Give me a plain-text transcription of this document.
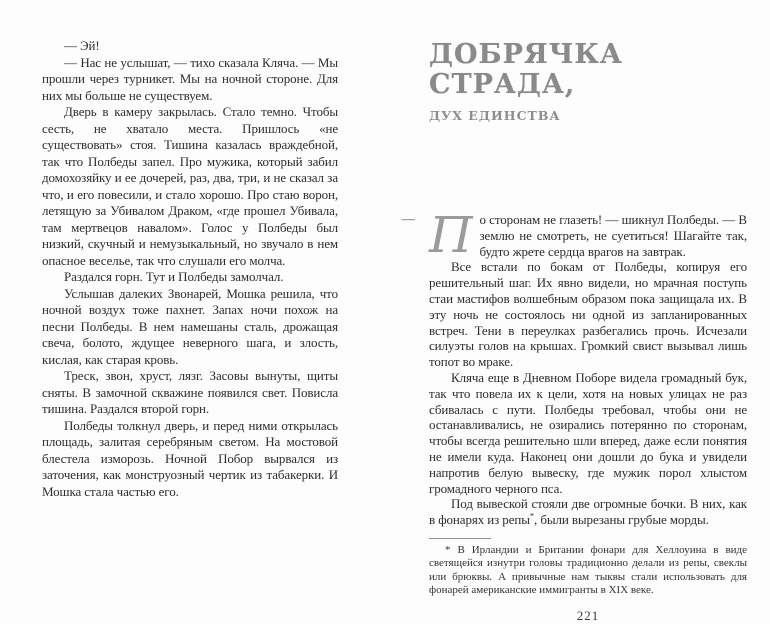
— Эй!

— Нас не услышат, — тихо сказала Кляча. — Мы прошли через турникет. Мы на ночной стороне. Для них мы больше не существуем.

Дверь в камеру закрылась. Стало темно. Чтобы сесть, не хватало места. Пришлось «не существовать» стоя. Тишина казалась враждебной, так что Полбеды запел. Про мужика, который забил домохозяйку и ее дочерей, раз, два, три, и не сказал за что, и его повесили, и стало хорошо. Про стаю ворон, летящую за Убивалом Драком, «где прошел Убивала, там мертвецов навалом». Голос у Полбеды был низкий, скучный и немузыкальный, но звучало в нем опасное веселье, так что слушали его молча.

Раздался горн. Тут и Полбеды замолчал.

Услышав далеких Звонарей, Мошка решила, что ночной воздух тоже пахнет. Запах ночи похож на песни Полбеды. В нем намешаны сталь, дрожащая свеча, болото, ждущее неверного шага, и злость, кислая, как старая кровь.

Треск, звон, хруст, лязг. Засовы вынуты, щиты сняты. В замочной скважине появился свет. Повисла тишина. Раздался второй горн.

Полбеды толкнул дверь, и перед ними открылась площадь, залитая серебряным светом. На мостовой блестела изморозь. Ночной Побор вырвался из заточения, как монструозный чертик из табакерки. И Мошка стала частью его.

ДОБРЯЧКА СТРАДА,
ДУХ ЕДИНСТВА

— П о сторонам не глазеть! — шикнул Полбеды. — В землю не смотреть, не суетиться! Шагайте так, будто жрете сердца врагов на завтрак.

Все встали по бокам от Полбеды, копируя его решительный шаг. Их явно видели, но мрачная поступь стаи мастифов волшебным образом пока защищала их. В эту ночь не состоялось ни одной из запланированных встреч. Тени в переулках разбегались прочь. Исчезали силуэты голов на крышах. Громкий свист вызывал лишь топот во мраке.

Кляча еще в Дневном Поборе видела громадный бук, так что повела их к цели, хотя на новых улицах не раз сбивалась с пути. Полбеды требовал, чтобы они не останавливались, не озирались потерянно по сторонам, чтобы всегда решительно шли вперед, даже если понятия не имели куда. Наконец они дошли до бука и увидели напротив белую вывеску, где мужик порол хлыстом громадного черного пса.

Под вывеской стояли две огромные бочки. В них, как в фонарях из репы*, были вырезаны грубые морды.

* В Ирландии и Британии фонари для Хеллоуина в виде светящейся изнутри головы традиционно делали из репы, свеклы или брюквы. А привычные нам тыквы стали использовать для фонарей американские иммигранты в XIX веке.

221
